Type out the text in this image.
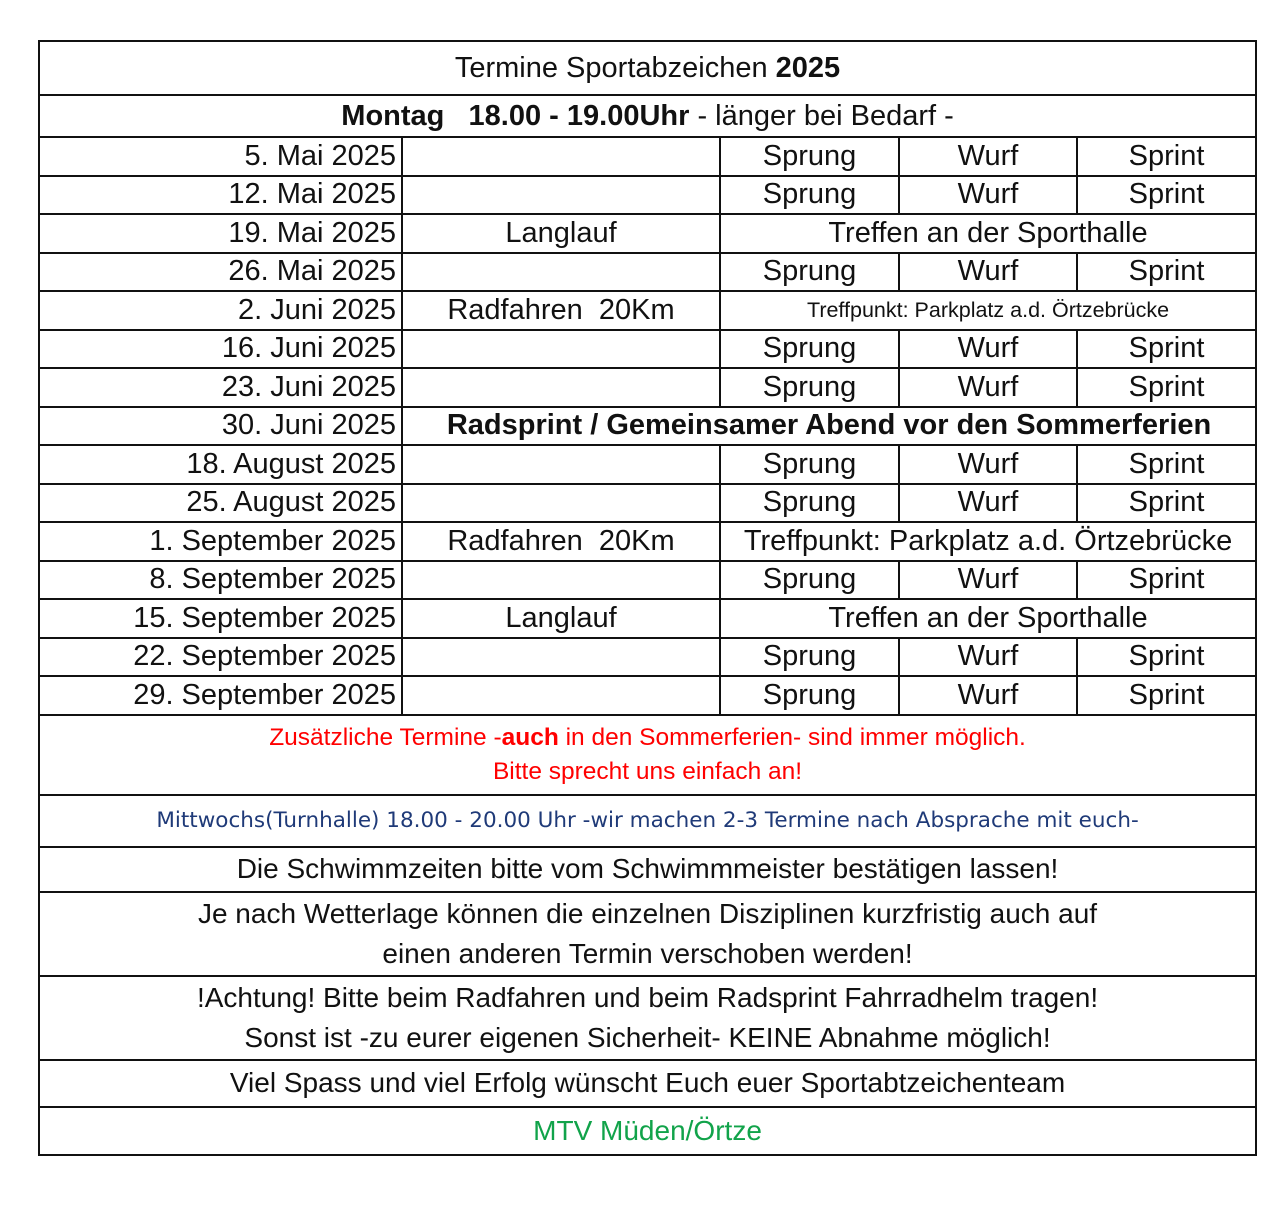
Termine Sportabzeichen 2025				
Montag   18.00 - 19.00Uhr - länger bei Bedarf -				
5. Mai 2025		Sprung	Wurf	Sprint
12. Mai 2025		Sprung	Wurf	Sprint
19. Mai 2025	Langlauf	Treffen an der Sporthalle		
26. Mai 2025		Sprung	Wurf	Sprint
2. Juni 2025	Radfahren  20Km	Treffpunkt: Parkplatz a.d. Örtzebrücke		
16. Juni 2025		Sprung	Wurf	Sprint
23. Juni 2025		Sprung	Wurf	Sprint
30. Juni 2025	Radsprint / Gemeinsamer Abend vor den Sommerferien			
18. August 2025		Sprung	Wurf	Sprint
25. August 2025		Sprung	Wurf	Sprint
1. September 2025	Radfahren  20Km	Treffpunkt: Parkplatz a.d. Örtzebrücke		
8. September 2025		Sprung	Wurf	Sprint
15. September 2025	Langlauf	Treffen an der Sporthalle		
22. September 2025		Sprung	Wurf	Sprint
29. September 2025		Sprung	Wurf	Sprint

Zusätzliche Termine -auch in den Sommerferien- sind immer möglich.
Bitte sprecht uns einfach an!				

Mittwochs(Turnhalle) 18.00 - 20.00 Uhr -wir machen 2-3 Termine nach Absprache mit euch-				
Die Schwimmzeiten bitte vom Schwimmmeister bestätigen lassen!				

Je nach Wetterlage können die einzelnen Disziplinen kurzfristig auch auf
einen anderen Termin verschoben werden!				

!Achtung! Bitte beim Radfahren und beim Radsprint Fahrradhelm tragen!
Sonst ist -zu eurer eigenen Sicherheit- KEINE Abnahme möglich!				

Viel Spass und viel Erfolg wünscht Euch euer Sportabtzeichenteam				
MTV Müden/Örtze				
